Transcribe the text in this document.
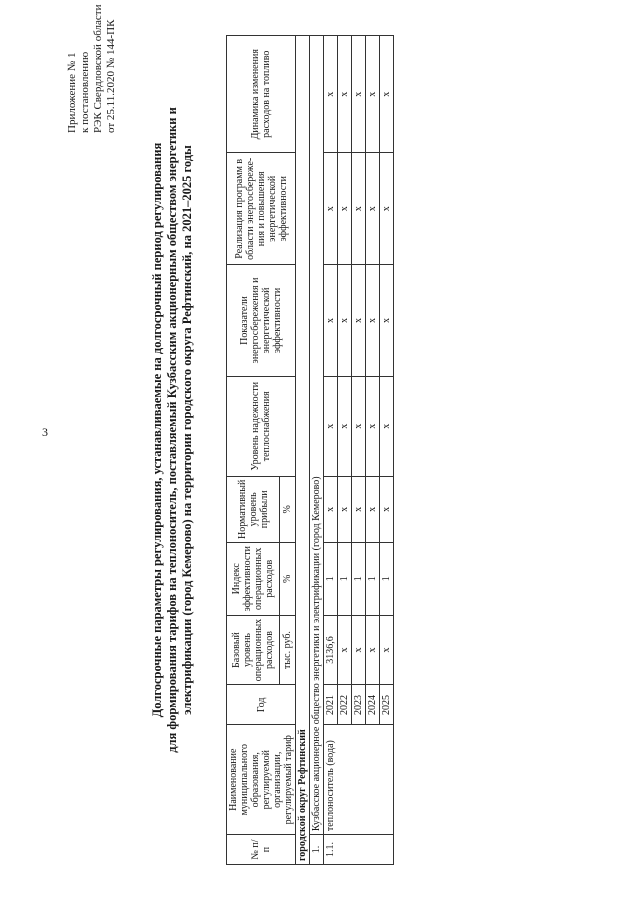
3
Приложение № 1 к постановлению РЭК Свердловской области от 25.11.2020 № 144-ПК
Долгосрочные параметры регулирования, устанавливаемые на долгосрочный период регулирования для формирования тарифов на теплоноситель, поставляемый Кузбасским акционерным обществом энергетики и электрификации (город Кемерово) на территории городского округа Рефтинский, на 2021–2025 годы
№ п/п	Наименование муниципального образования, регулируемой организации, регулируемый тариф	Год	Базовый уровень операционных расходов	Индекс эффективности операционных расходов	Нормативный уровень прибыли	Уровень надежности теплоснабжения	Показатели энергосбережения и энергетической эффективности	Реализация программ в области энергосбереже-ния и повышения энергетической эффективности	Динамика изменения расходов на топливо
			тыс. руб.	%	%				
городской округ Рефтинский									
1.	Кузбасское акционерное общество энергетики и электрификации (город Кемерово)								
1.1.	теплоноситель (вода)	2021	3136,6	1	х	х	х	х	х
		2022	х	1	х	х	х	х	х
		2023	х	1	х	х	х	х	х
		2024	х	1	х	х	х	х	х
		2025	х	1	х	х	х	х	х
